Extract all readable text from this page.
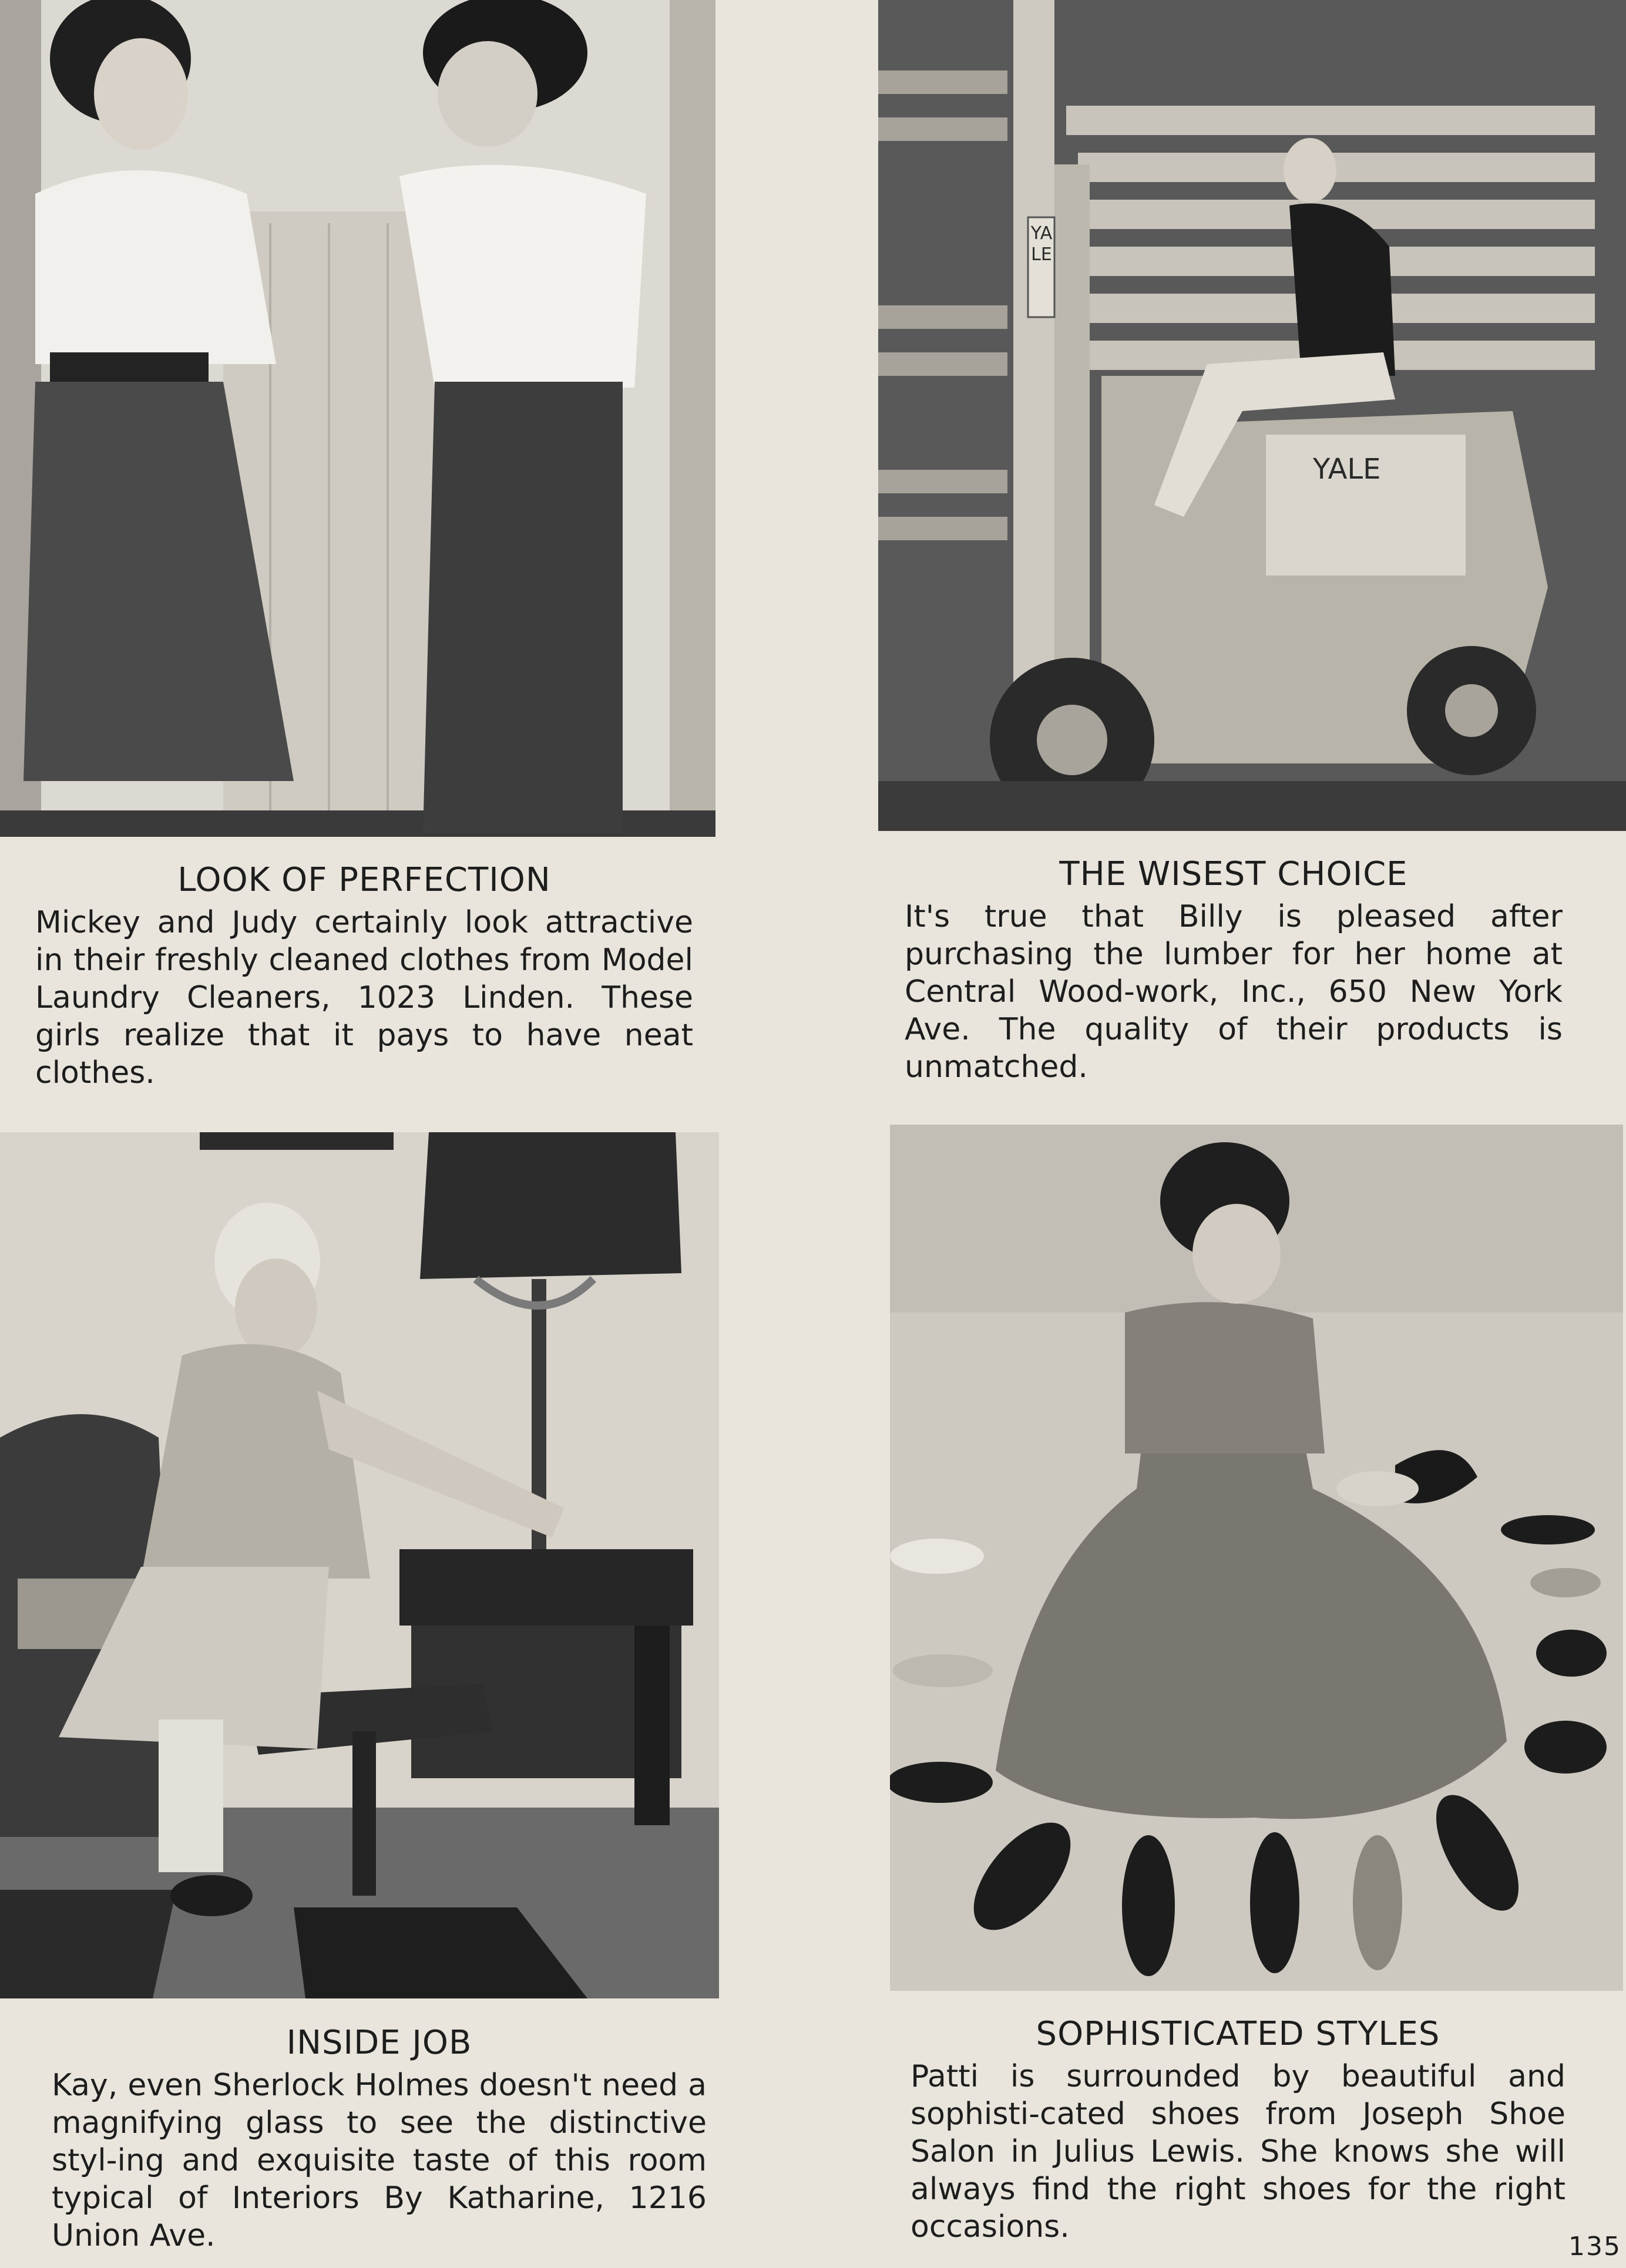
LOOK OF PERFECTION

Mickey and Judy certainly look attractive in their freshly cleaned clothes from Model Laundry Cleaners, 1023 Linden. These girls realize that it pays to have neat clothes.

YALE
YALE
THE WISEST CHOICE

It's true that Billy is pleased after purchasing the lumber for her home at Central Wood-work, Inc., 650 New York Ave. The quality of their products is unmatched.

INSIDE JOB

Kay, even Sherlock Holmes doesn't need a magnifying glass to see the distinctive styl-ing and exquisite taste of this room typical of Interiors By Katharine, 1216 Union Ave.

SOPHISTICATED STYLES

Patti is surrounded by beautiful and sophisti-cated shoes from Joseph Shoe Salon in Julius Lewis. She knows she will always find the right shoes for the right occasions.

135
